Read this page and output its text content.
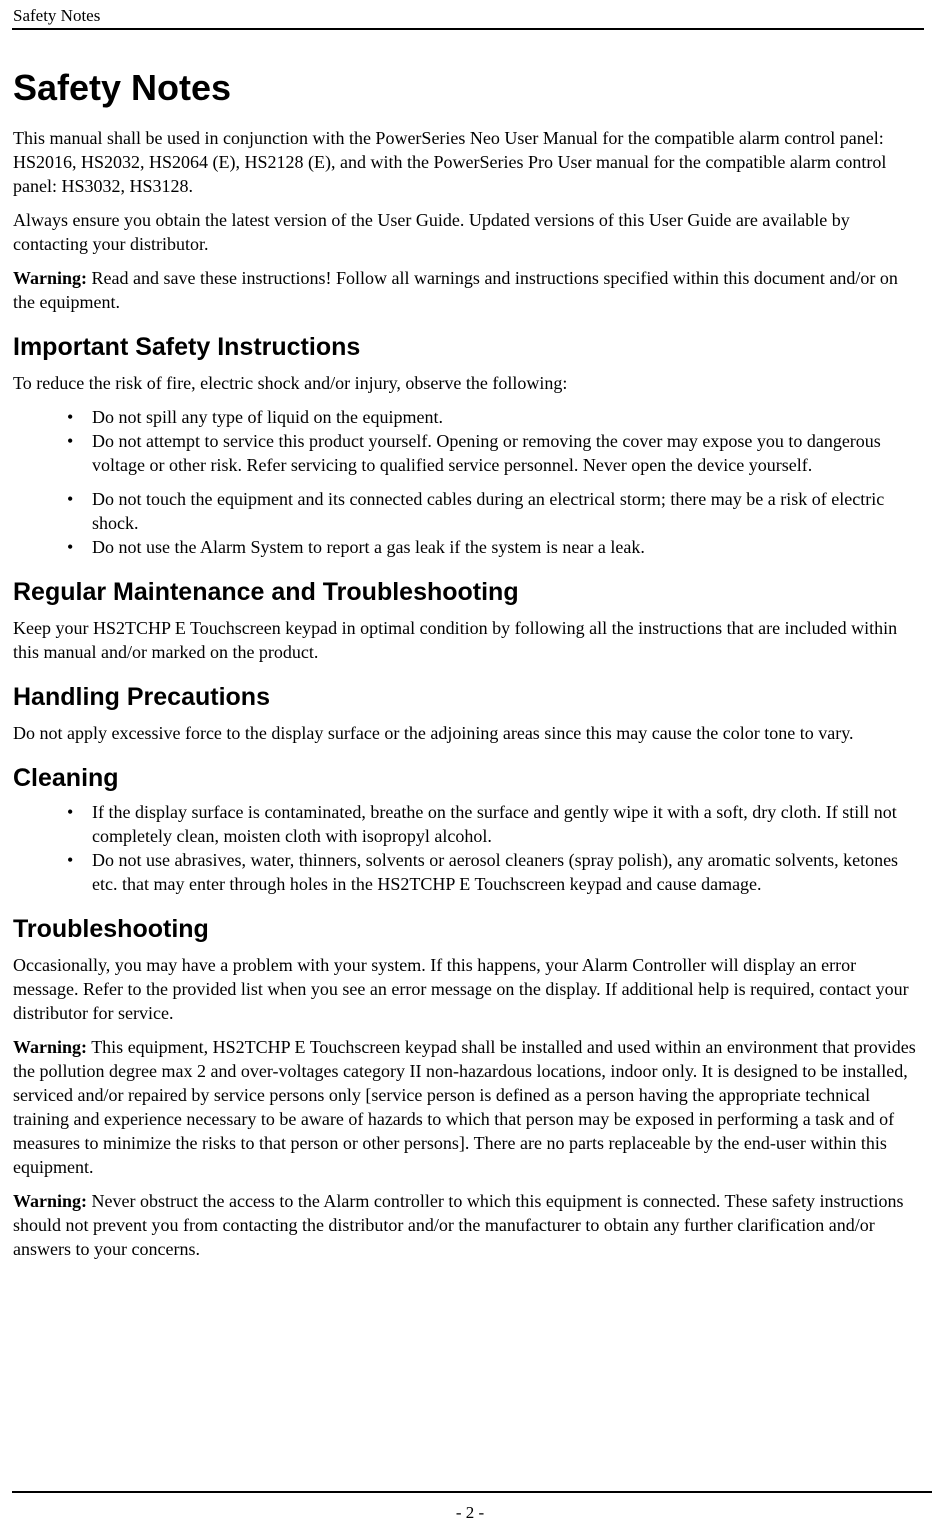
Safety Notes
Safety Notes

This manual shall be used in conjunction with the PowerSeries Neo User Manual for the compatible alarm control panel: HS2016, HS2032, HS2064 (E), HS2128 (E), and with the PowerSeries Pro User manual for the compatible alarm control panel: HS3032, HS3128.

Always ensure you obtain the latest version of the User Guide. Updated versions of this User Guide are available by contacting your distributor.

Warning: Read and save these instructions! Follow all warnings and instructions specified within this document and/or on the equipment.

Important Safety Instructions

To reduce the risk of fire, electric shock and/or injury, observe the following:

• Do not spill any type of liquid on the equipment.
• Do not attempt to service this product yourself. Opening or removing the cover may expose you to dangerous voltage or other risk. Refer servicing to qualified service personnel. Never open the device yourself.
• Do not touch the equipment and its connected cables during an electrical storm; there may be a risk of electric shock.
• Do not use the Alarm System to report a gas leak if the system is near a leak.
Regular Maintenance and Troubleshooting

Keep your HS2TCHP E Touchscreen keypad in optimal condition by following all the instructions that are included within this manual and/or marked on the product.

Handling Precautions

Do not apply excessive force to the display surface or the adjoining areas since this may cause the color tone to vary.

Cleaning
• If the display surface is contaminated, breathe on the surface and gently wipe it with a soft, dry cloth. If still not completely clean, moisten cloth with isopropyl alcohol.
• Do not use abrasives, water, thinners, solvents or aerosol cleaners (spray polish), any aromatic solvents, ketones etc. that may enter through holes in the HS2TCHP E Touchscreen keypad and cause damage.
Troubleshooting

Occasionally, you may have a problem with your system. If this happens, your Alarm Controller will display an error message. Refer to the provided list when you see an error message on the display. If additional help is required, contact your distributor for service.

Warning: This equipment, HS2TCHP E Touchscreen keypad shall be installed and used within an environment that provides the pollution degree max 2 and over-voltages category II non-hazardous locations, indoor only. It is designed to be installed, serviced and/or repaired by service persons only [service person is defined as a person having the appropriate technical training and experience necessary to be aware of hazards to which that person may be exposed in performing a task and of measures to minimize the risks to that person or other persons]. There are no parts replaceable by the end-user within this equipment.

Warning: Never obstruct the access to the Alarm controller to which this equipment is connected. These safety instructions should not prevent you from contacting the distributor and/or the manufacturer to obtain any further clarification and/or answers to your concerns.

- 2 -
